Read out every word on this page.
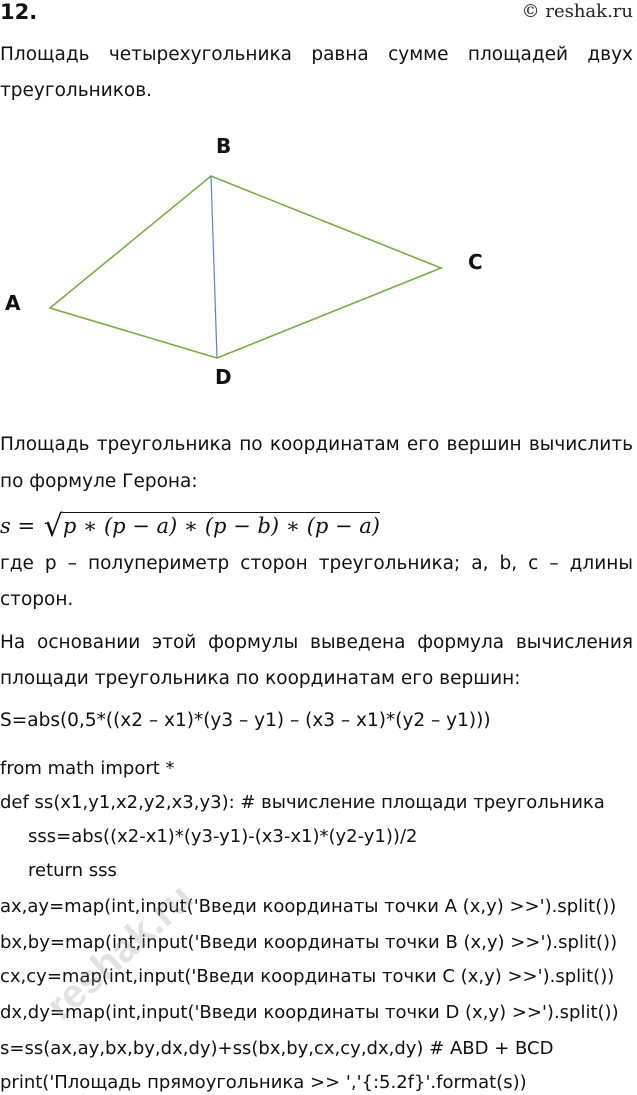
12.	© reshak.ru
Площадь четырехугольника равна сумме площадей двух
треугольников.
B
C
A
D
Площадь треугольника по координатам его вершин вычислить
по формуле Герона:
s = √p ∗ (p − a) ∗ (p − b) ∗ (p − a)
где р – полупериметр сторон треугольника; a, b, c – длины
сторон.
На основании этой формулы выведена формула вычисления
площади треугольника по координатам его вершин:
S=abs(0,5*((x2 – x1)*(y3 – y1) – (x3 – x1)*(y2 – y1)))
from math import *
def ss(x1,y1,x2,y2,x3,y3): # вычисление площади треугольника
sss=abs((x2-x1)*(y3-y1)-(x3-x1)*(y2-y1))/2
return sss
ax,ay=map(int,input('Введи координаты точки A (x,y) >>').split())
bx,by=map(int,input('Введи координаты точки B (x,y) >>').split())
cx,cy=map(int,input('Введи координаты точки C (x,y) >>').split())
dx,dy=map(int,input('Введи координаты точки D (x,y) >>').split())
s=ss(ax,ay,bx,by,dx,dy)+ss(bx,by,cx,cy,dx,dy) # ABD + BCD
print('Площадь прямоугольника >> ','{:5.2f}'.format(s))
reshak.ru
